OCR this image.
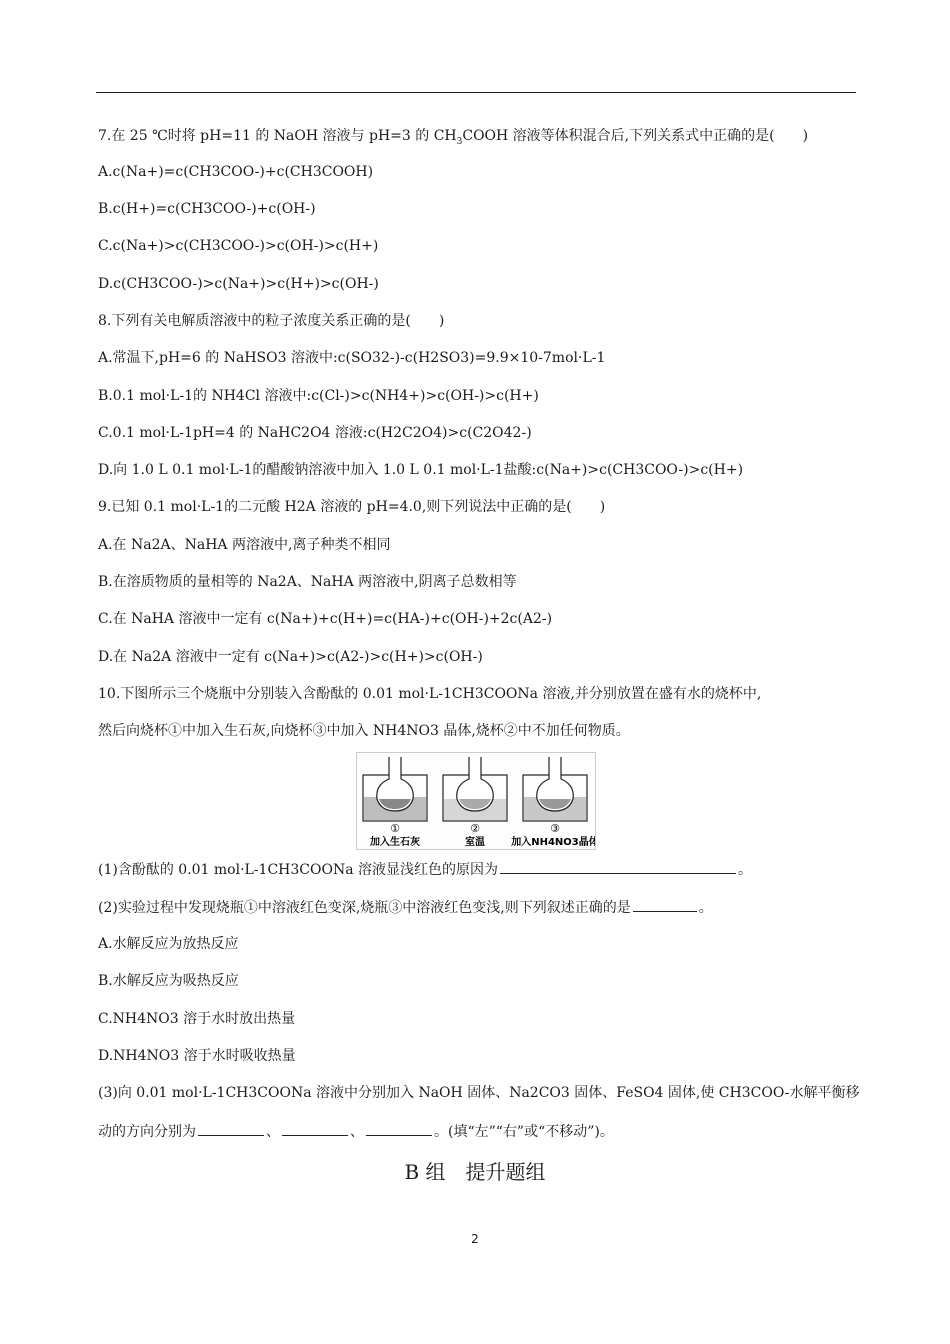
7.在 25 ℃时将 pH=11 的 NaOH 溶液与 pH=3 的 $CH_3COOH$ 溶液等体积混合后,下列关系式中正确的是(　　)
A.c(Na+)=c(CH3COO-)+c(CH3COOH)
B.c(H+)=c(CH3COO-)+c(OH-)
C.c(Na+)>c(CH3COO-)>c(OH-)>c(H+)
D.c(CH3COO-)>c(Na+)>c(H+)>c(OH-)
8.下列有关电解质溶液中的粒子浓度关系正确的是(　　)
A.常温下,pH=6 的 NaHSO3 溶液中:c(SO32-)-c(H2SO3)=9.9×10-7mol·L-1
B.0.1 mol·L-1的 NH4Cl 溶液中:c(Cl-)>c(NH4+)>c(OH-)>c(H+)
C.0.1 mol·L-1pH=4 的 NaHC2O4 溶液:c(H2C2O4)>c(C2O42-)
D.向 1.0 L 0.1 mol·L-1的醋酸钠溶液中加入 1.0 L 0.1 mol·L-1盐酸:c(Na+)>c(CH3COO-)>c(H+)
9.已知 0.1 mol·L-1的二元酸 H2A 溶液的 pH=4.0,则下列说法中正确的是(　　)
A.在 Na2A、NaHA 两溶液中,离子种类不相同
B.在溶质物质的量相等的 Na2A、NaHA 两溶液中,阴离子总数相等
C.在 NaHA 溶液中一定有 c(Na+)+c(H+)=c(HA-)+c(OH-)+2c(A2-)
D.在 Na2A 溶液中一定有 c(Na+)>c(A2-)>c(H+)>c(OH-)
10.下图所示三个烧瓶中分别装入含酚酞的 0.01 mol·L-1CH3COONa 溶液,并分别放置在盛有水的烧杯中,
然后向烧杯①中加入生石灰,向烧杯③中加入 NH4NO3 晶体,烧杯②中不加任何物质。
①	②	③
加入生石灰	室温	加入NH4NO3晶体
(1)含酚酞的 0.01 mol·L-1CH3COONa 溶液显浅红色的原因为	。
(2)实验过程中发现烧瓶①中溶液红色变深,烧瓶③中溶液红色变浅,则下列叙述正确的是	。
A.水解反应为放热反应
B.水解反应为吸热反应
C.NH4NO3 溶于水时放出热量
D.NH4NO3 溶于水时吸收热量
(3)向 0.01 mol·L-1CH3COONa 溶液中分别加入 NaOH 固体、Na2CO3 固体、FeSO4 固体,使 CH3COO-水解平衡移
动的方向分别为	、	、	。(填“左”“右”或“不移动”)。
B 组　提升题组
2
